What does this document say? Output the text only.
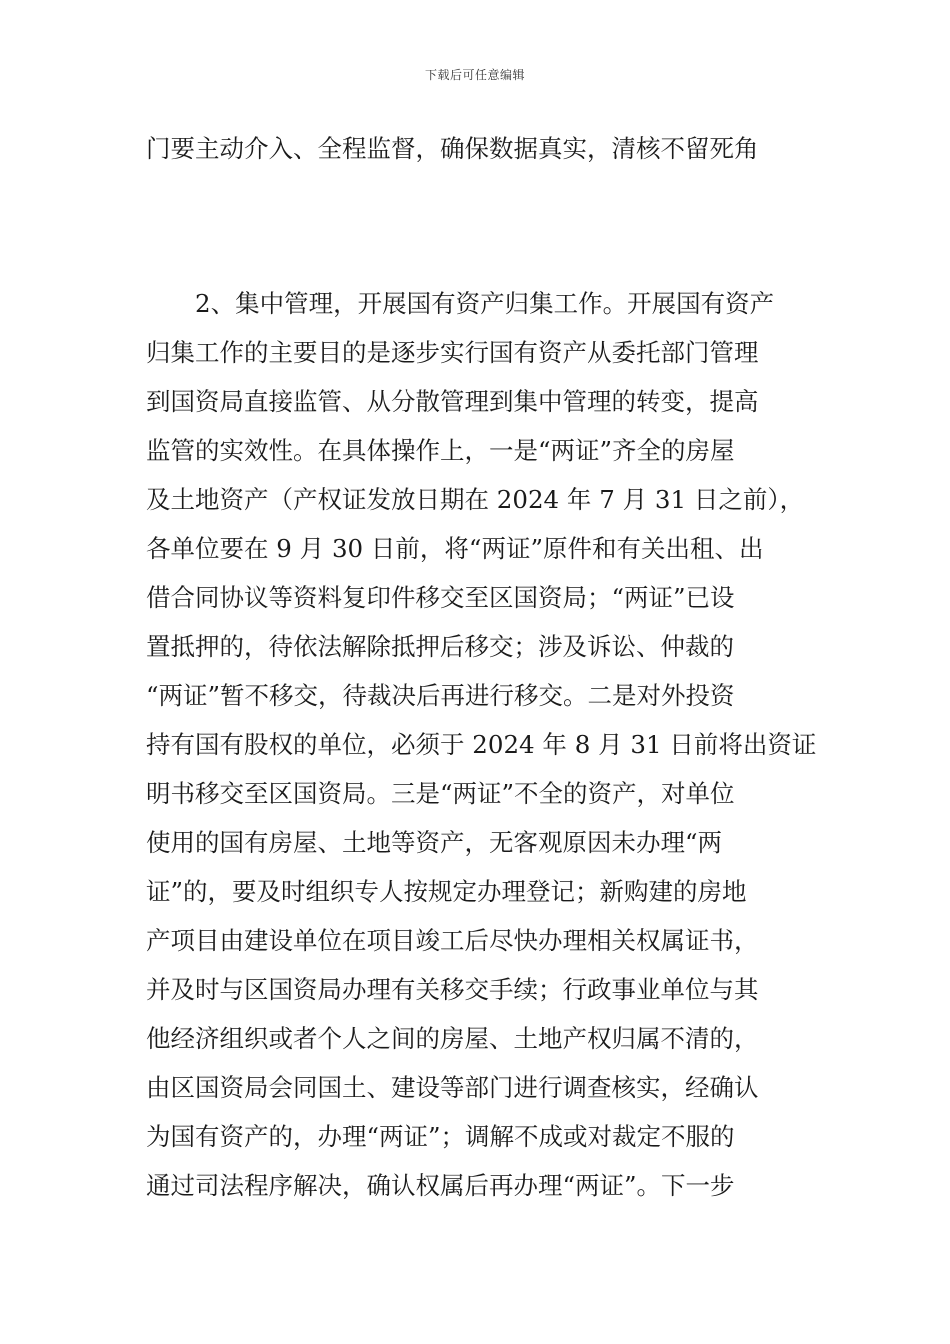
下载后可任意编辑
门要主动介入、全程监督，确保数据真实，清核不留死角
2、集中管理，开展国有资产归集工作。开展国有资产
归集工作的主要目的是逐步实行国有资产从委托部门管理
到国资局直接监管、从分散管理到集中管理的转变，提高
监管的实效性。在具体操作上，一是“两证”齐全的房屋
及土地资产（产权证发放日期在 2024 年 7 月 31 日之前），
各单位要在 9 月 30 日前，将“两证”原件和有关出租、出
借合同协议等资料复印件移交至区国资局；“两证”已设
置抵押的，待依法解除抵押后移交；涉及诉讼、仲裁的
“两证”暂不移交，待裁决后再进行移交。二是对外投资
持有国有股权的单位，必须于 2024 年 8 月 31 日前将出资证
明书移交至区国资局。三是“两证”不全的资产，对单位
使用的国有房屋、土地等资产，无客观原因未办理“两
证”的，要及时组织专人按规定办理登记；新购建的房地
产项目由建设单位在项目竣工后尽快办理相关权属证书，
并及时与区国资局办理有关移交手续；行政事业单位与其
他经济组织或者个人之间的房屋、土地产权归属不清的，
由区国资局会同国土、建设等部门进行调查核实，经确认
为国有资产的，办理“两证”；调解不成或对裁定不服的
通过司法程序解决，确认权属后再办理“两证”。下一步
